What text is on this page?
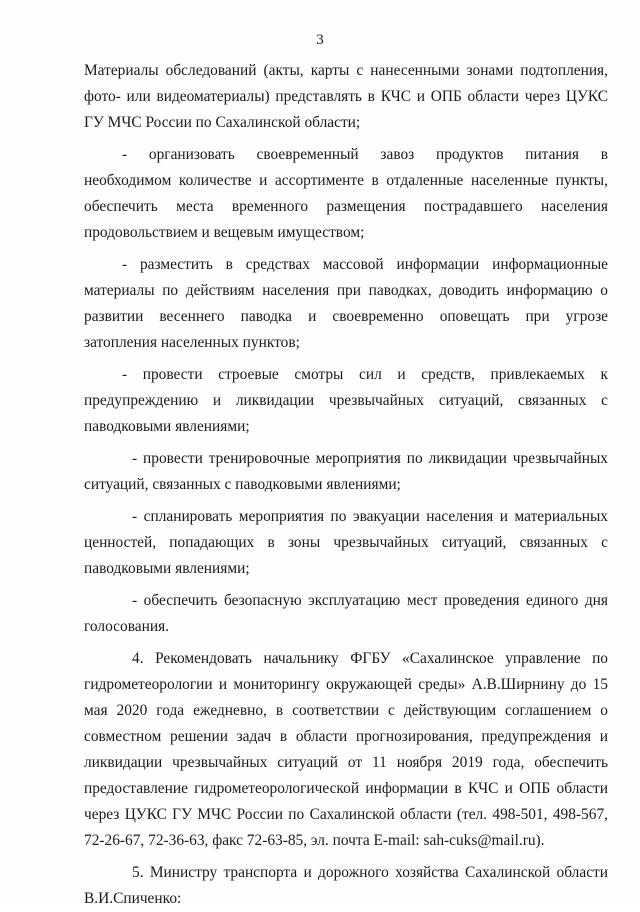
3
Материалы обследований (акты, карты с нанесенными зонами подтопления,
фото- или видеоматериалы) представлять в КЧС и ОПБ области через ЦУКС
ГУ МЧС России по Сахалинской области;
- организовать своевременный завоз продуктов питания в
необходимом количестве и ассортименте в отдаленные населенные пункты,
обеспечить места временного размещения пострадавшего населения
продовольствием и вещевым имуществом;
- разместить в средствах массовой информации информационные
материалы по действиям населения при паводках, доводить информацию о
развитии весеннего паводка и своевременно оповещать при угрозе
затопления населенных пунктов;
- провести строевые смотры сил и средств, привлекаемых к
предупреждению и ликвидации чрезвычайных ситуаций, связанных с
паводковыми явлениями;
- провести тренировочные мероприятия по ликвидации чрезвычайных
ситуаций, связанных с паводковыми явлениями;
- спланировать мероприятия по эвакуации населения и материальных
ценностей, попадающих в зоны чрезвычайных ситуаций, связанных с
паводковыми явлениями;
- обеспечить безопасную эксплуатацию мест проведения единого дня
голосования.
4. Рекомендовать начальнику ФГБУ «Сахалинское управление по
гидрометеорологии и мониторингу окружающей среды» А.В.Ширнину до 15
мая 2020 года ежедневно, в соответствии с действующим соглашением о
совместном решении задач в области прогнозирования, предупреждения и
ликвидации чрезвычайных ситуаций от 11 ноября 2019 года, обеспечить
предоставление гидрометеорологической информации в КЧС и ОПБ области
через ЦУКС ГУ МЧС России по Сахалинской области (тел. 498-501, 498-567,
72-26-67, 72-36-63, факс 72-63-85, эл. почта E-mail: sah-cuks@mail.ru).
5. Министру транспорта и дорожного хозяйства Сахалинской области
В.И.Спиченко:
